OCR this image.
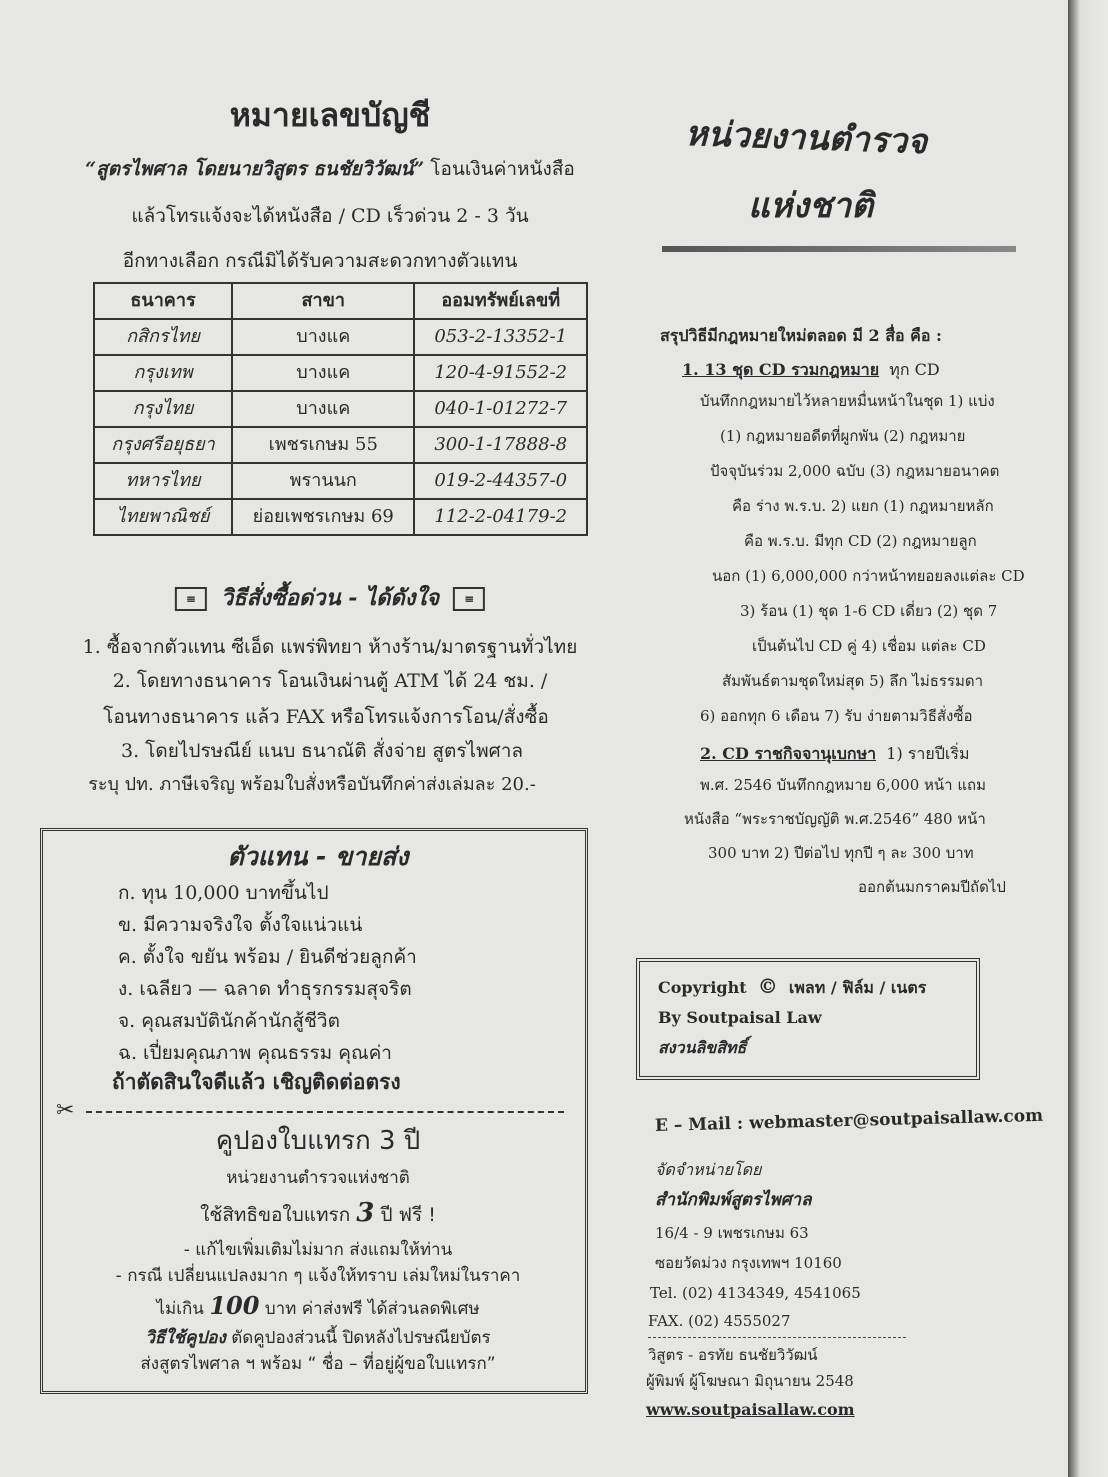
หมายเลขบัญชี
“สูตรไพศาล โดยนายวิสูตร ธนชัยวิวัฒน์” โอนเงินค่าหนังสือ
แล้วโทรแจ้งจะได้หนังสือ / CD เร็วด่วน 2 - 3 วัน
อีกทางเลือก กรณีมิได้รับความสะดวกทางตัวแทน
ธนาคาร	สาขา	ออมทรัพย์เลขที่
กสิกรไทย	บางแค	053-2-13352-1
กรุงเทพ	บางแค	120-4-91552-2
กรุงไทย	บางแค	040-1-01272-7
กรุงศรีอยุธยา	เพชรเกษม 55	300-1-17888-8
ทหารไทย	พรานนก	019-2-44357-0
ไทยพาณิชย์	ย่อยเพชรเกษม 69	112-2-04179-2
≡ วิธีสั่งซื้อด่วน - ได้ดังใจ ≡
1. ซื้อจากตัวแทน ซีเอ็ด แพร่พิทยา ห้างร้าน/มาตรฐานทั่วไทย
2. โดยทางธนาคาร โอนเงินผ่านตู้ ATM ได้ 24 ชม. /
โอนทางธนาคาร แล้ว FAX หรือโทรแจ้งการโอน/สั่งซื้อ
3. โดยไปรษณีย์ แนบ ธนาณัติ สั่งจ่าย สูตรไพศาล
ระบุ ปท. ภาษีเจริญ พร้อมใบสั่งหรือบันทึกค่าส่งเล่มละ 20.-
ตัวแทน - ขายส่ง
ก. ทุน 10,000 บาทขึ้นไป
ข. มีความจริงใจ ตั้งใจแน่วแน่
ค. ตั้งใจ ขยัน พร้อม / ยินดีช่วยลูกค้า
ง. เฉลียว — ฉลาด ทำธุรกรรมสุจริต
จ. คุณสมบัตินักค้านักสู้ชีวิต
ฉ. เปี่ยมคุณภาพ คุณธรรม คุณค่า
ถ้าตัดสินใจดีแล้ว เชิญติดต่อตรง
✂
คูปองใบแทรก 3 ปี
หน่วยงานตำรวจแห่งชาติ
ใช้สิทธิขอใบแทรก 3 ปี ฟรี !
- แก้ไขเพิ่มเติมไม่มาก ส่งแถมให้ท่าน
- กรณี เปลี่ยนแปลงมาก ๆ แจ้งให้ทราบ เล่มใหม่ในราคา
ไม่เกิน 100 บาท ค่าส่งฟรี ได้ส่วนลดพิเศษ
วิธีใช้คูปอง ตัดคูปองส่วนนี้ ปิดหลังไปรษณียบัตร
ส่งสูตรไพศาล ฯ พร้อม “ ชื่อ – ที่อยู่ผู้ขอใบแทรก”
หน่วยงานตำรวจ
แห่งชาติ
สรุปวิธีมีกฎหมายใหม่ตลอด มี 2 สื่อ คือ :
1. 13 ชุด CD รวมกฎหมาย ทุก CD
บันทึกกฎหมายไว้หลายหมื่นหน้าในชุด 1) แบ่ง
(1) กฎหมายอดีตที่ผูกพัน (2) กฎหมาย
ปัจจุบันร่วม 2,000 ฉบับ (3) กฎหมายอนาคต
คือ ร่าง พ.ร.บ. 2) แยก (1) กฎหมายหลัก
คือ พ.ร.บ. มีทุก CD (2) กฎหมายลูก
นอก (1) 6,000,000 กว่าหน้าทยอยลงแต่ละ CD
3) ร้อน (1) ชุด 1-6 CD เดี่ยว (2) ชุด 7
เป็นต้นไป CD คู่ 4) เชื่อม แต่ละ CD
สัมพันธ์ตามชุดใหม่สุด 5) ลึก ไม่ธรรมดา
6) ออกทุก 6 เดือน 7) รับ ง่ายตามวิธีสั่งซื้อ
2. CD ราชกิจจานุเบกษา 1) รายปีเริ่ม
พ.ศ. 2546 บันทึกกฎหมาย 6,000 หน้า แถม
หนังสือ “พระราชบัญญัติ พ.ศ.2546” 480 หน้า
300 บาท 2) ปีต่อไป ทุกปี ๆ ละ 300 บาท
ออกต้นมกราคมปีถัดไป
Copyright © เพลท / ฟิล์ม / เนตร
By Soutpaisal Law
สงวนลิขสิทธิ์
E – Mail : webmaster@soutpaisallaw.com
จัดจำหน่ายโดย
สำนักพิมพ์สูตรไพศาล
16/4 - 9 เพชรเกษม 63
ซอยวัดม่วง กรุงเทพฯ 10160
Tel. (02) 4134349, 4541065
FAX. (02) 4555027
วิสูตร - อรทัย ธนชัยวิวัฒน์
ผู้พิมพ์ ผู้โฆษณา มิถุนายน 2548
www.soutpaisallaw.com
